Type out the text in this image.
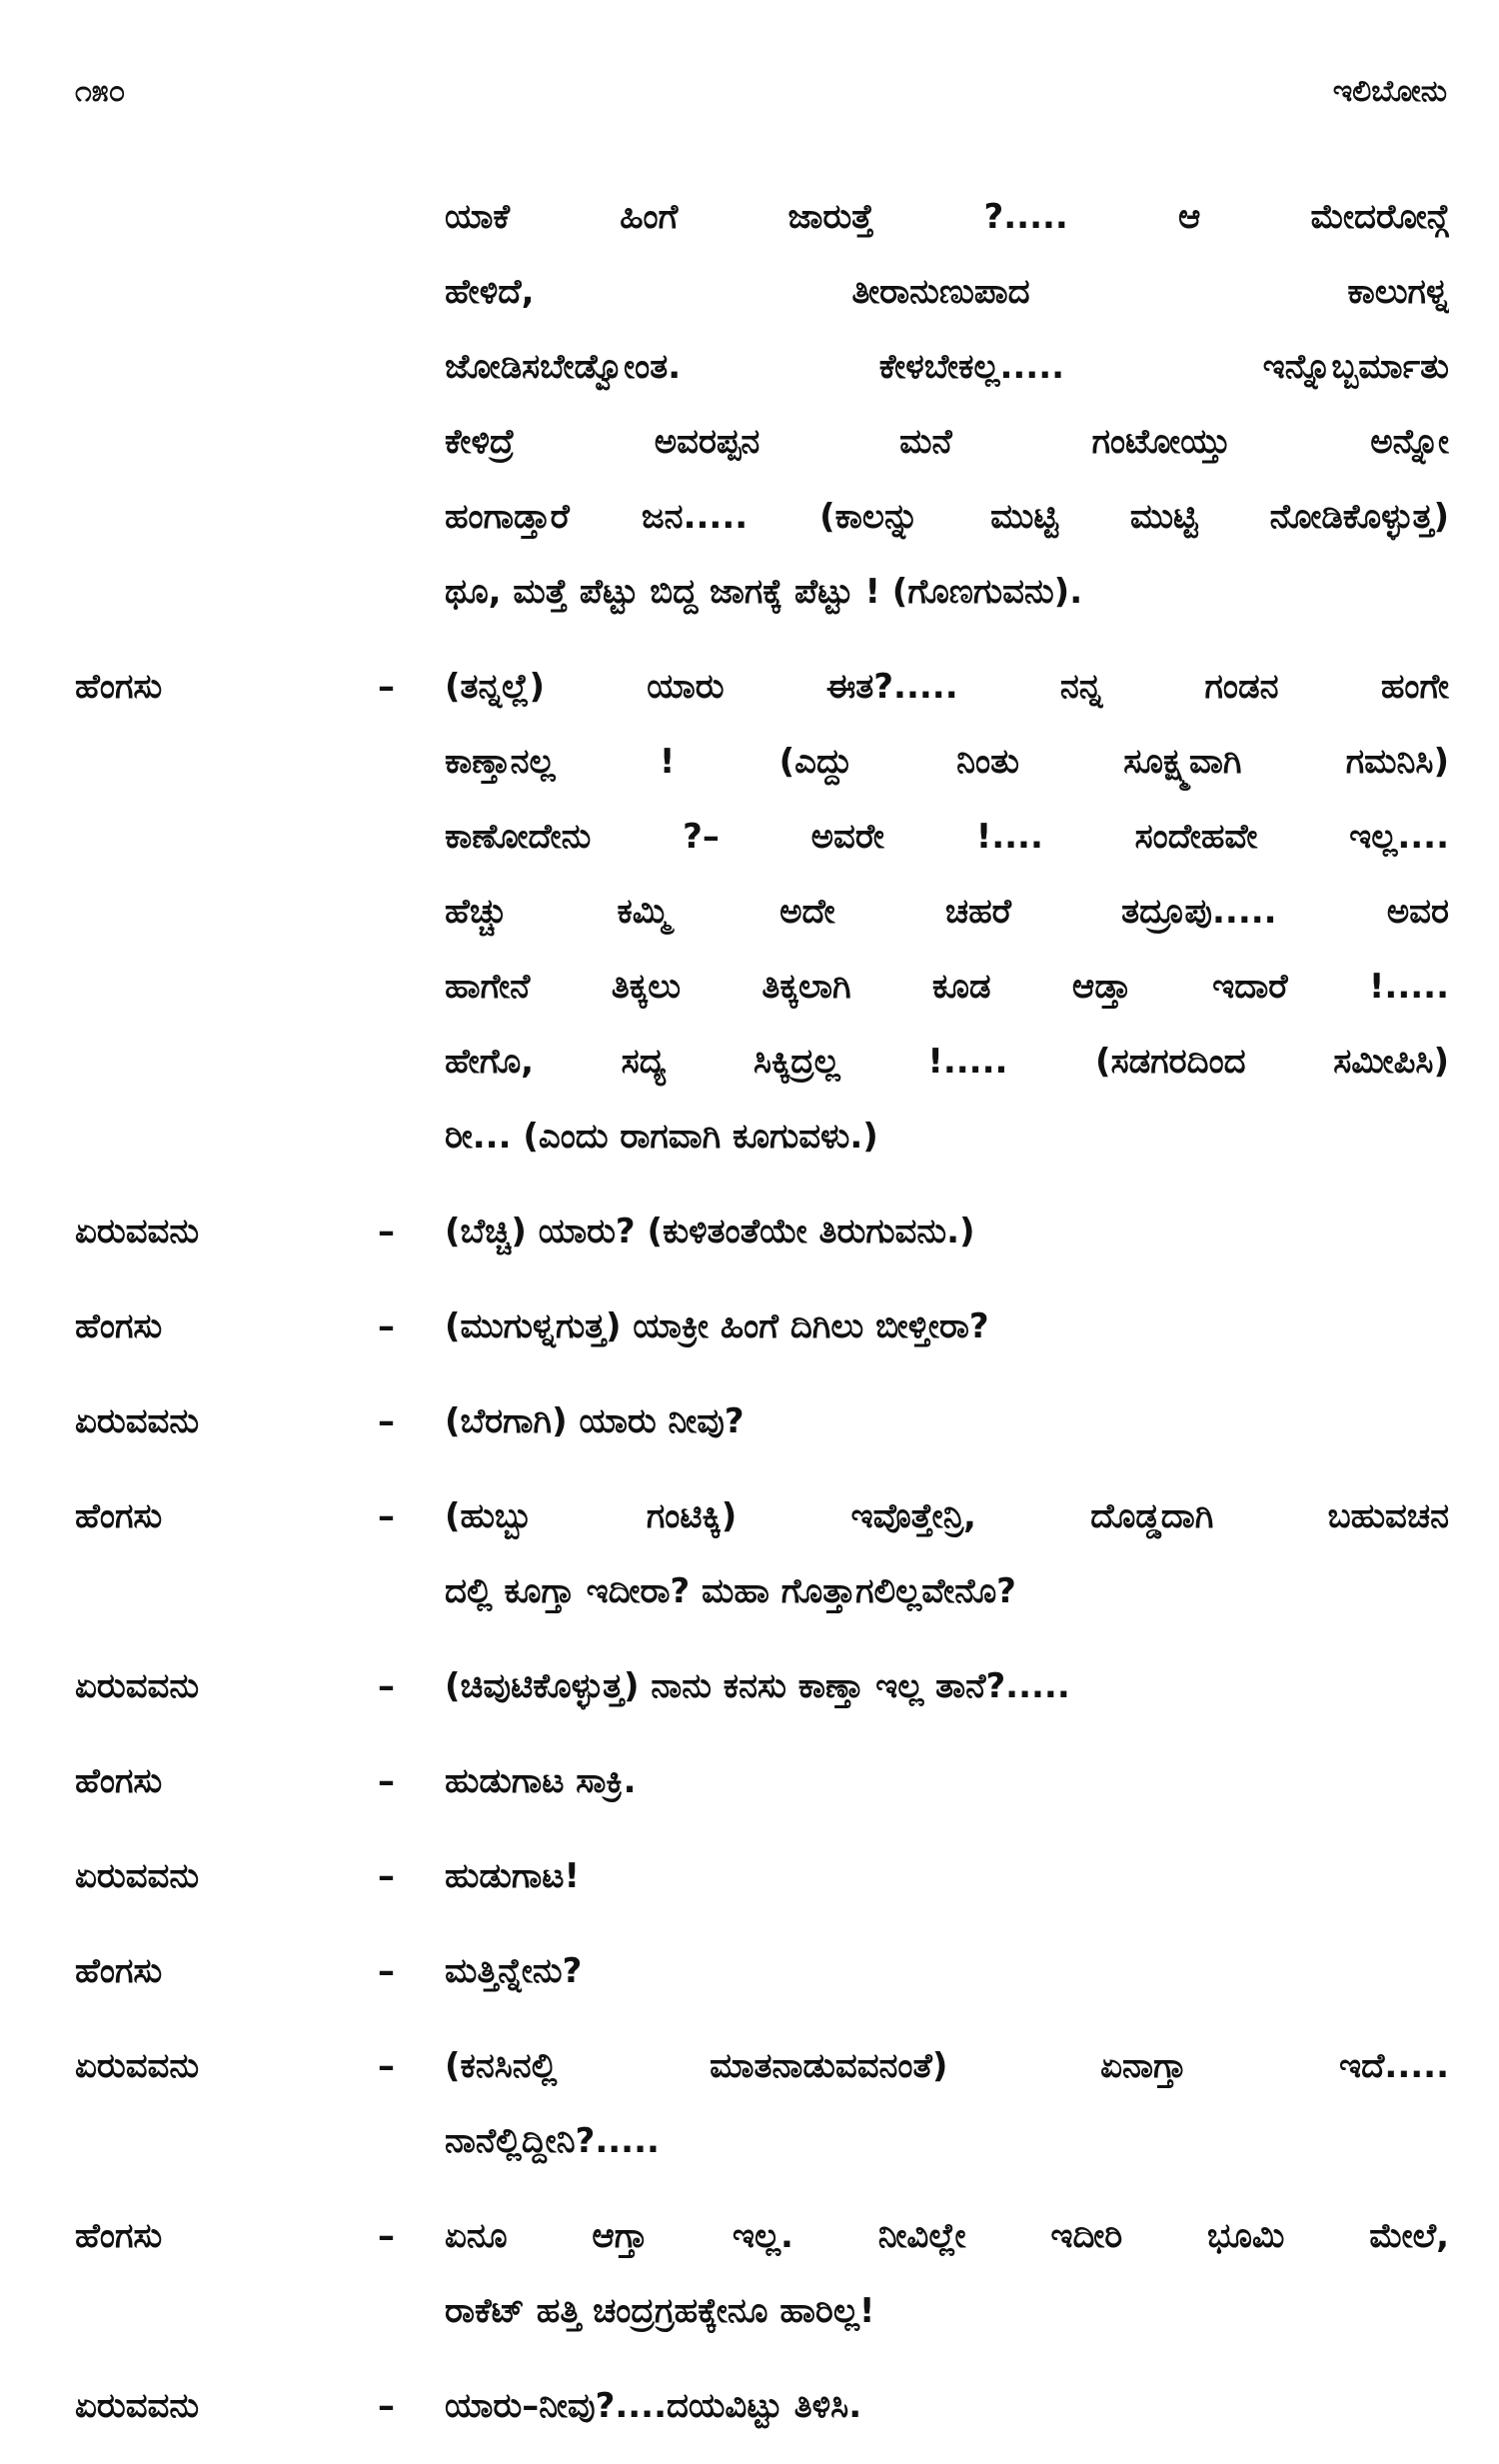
೧೫೦	ಇಲಿಬೋನು
ಯಾಕೆ ಹಿಂಗೆ ಜಾರುತ್ತೆ ?..... ಆ ಮೇದರೋನ್ಗೆ
ಹೇಳಿದೆ, ತೀರಾನುಣುಪಾದ ಕಾಲುಗಳ್ನ
ಜೋಡಿಸಬೇಡ್ವೋಂತ. ಕೇಳಬೇಕಲ್ಲ..... ಇನ್ನೊಬ್ಬರ್ಮಾತು
ಕೇಳಿದ್ರೆ ಅವರಪ್ಪನ ಮನೆ ಗಂಟೋಯ್ತು ಅನ್ನೋ
ಹಂಗಾಡ್ತಾರೆ ಜನ..... (ಕಾಲನ್ನು ಮುಟ್ಟಿ ಮುಟ್ಟಿ ನೋಡಿಕೊಳ್ಳುತ್ತ)
ಥೂ, ಮತ್ತೆ ಪೆಟ್ಟು ಬಿದ್ದ ಜಾಗಕ್ಕೆ ಪೆಟ್ಟು ! (ಗೊಣಗುವನು).
ಹೆಂಗಸು	– (ತನ್ನಲ್ಲೆ) ಯಾರು ಈತ?..... ನನ್ನ ಗಂಡನ ಹಂಗೇ
ಕಾಣ್ತಾನಲ್ಲ ! (ಎದ್ದು ನಿಂತು ಸೂಕ್ಷ್ಮವಾಗಿ ಗಮನಿಸಿ)
ಕಾಣೋದೇನು ?– ಅವರೇ !.... ಸಂದೇಹವೇ ಇಲ್ಲ....
ಹೆಚ್ಚು ಕಮ್ಮಿ ಅದೇ ಚಹರೆ ತದ್ರೂಪು..... ಅವರ
ಹಾಗೇನೆ ತಿಕ್ಕಲು ತಿಕ್ಕಲಾಗಿ ಕೂಡ ಆಡ್ತಾ ಇದಾರೆ !.....
ಹೇಗೊ, ಸದ್ಯ ಸಿಕ್ಕಿದ್ರಲ್ಲ !..... (ಸಡಗರದಿಂದ ಸಮೀಪಿಸಿ)
ರೀ... (ಎಂದು ರಾಗವಾಗಿ ಕೂಗುವಳು.)
ಏರುವವನು	– (ಬೆಚ್ಚಿ) ಯಾರು? (ಕುಳಿತಂತೆಯೇ ತಿರುಗುವನು.)
ಹೆಂಗಸು	– (ಮುಗುಳ್ನಗುತ್ತ) ಯಾಕ್ರೀ ಹಿಂಗೆ ದಿಗಿಲು ಬೀಳ್ತೀರಾ?
ಏರುವವನು	– (ಬೆರಗಾಗಿ) ಯಾರು ನೀವು?
ಹೆಂಗಸು	– (ಹುಬ್ಬು ಗಂಟಿಕ್ಕಿ) ಇವೊತ್ತೇನ್ರಿ, ದೊಡ್ಡದಾಗಿ ಬಹುವಚನ
ದಲ್ಲಿ ಕೂಗ್ತಾ ಇದೀರಾ? ಮಹಾ ಗೊತ್ತಾಗಲಿಲ್ಲವೇನೊ?
ಏರುವವನು	– (ಚಿವುಟಿಕೊಳ್ಳುತ್ತ) ನಾನು ಕನಸು ಕಾಣ್ತಾ ಇಲ್ಲ ತಾನೆ?.....
ಹೆಂಗಸು	– ಹುಡುಗಾಟ ಸಾಕ್ರಿ.
ಏರುವವನು	– ಹುಡುಗಾಟ!
ಹೆಂಗಸು	– ಮತ್ತಿನ್ನೇನು?
ಏರುವವನು	– (ಕನಸಿನಲ್ಲಿ ಮಾತನಾಡುವವನಂತೆ) ಏನಾಗ್ತಾ ಇದೆ.....
ನಾನೆಲ್ಲಿದ್ದೀನಿ?.....
ಹೆಂಗಸು	– ಏನೂ ಆಗ್ತಾ ಇಲ್ಲ. ನೀವಿಲ್ಲೇ ಇದೀರಿ ಭೂಮಿ ಮೇಲೆ,
ರಾಕೆಟ್ ಹತ್ತಿ ಚಂದ್ರಗ್ರಹಕ್ಕೇನೂ ಹಾರಿಲ್ಲ!
ಏರುವವನು	– ಯಾರು–ನೀವು?....ದಯವಿಟ್ಟು ತಿಳಿಸಿ.
